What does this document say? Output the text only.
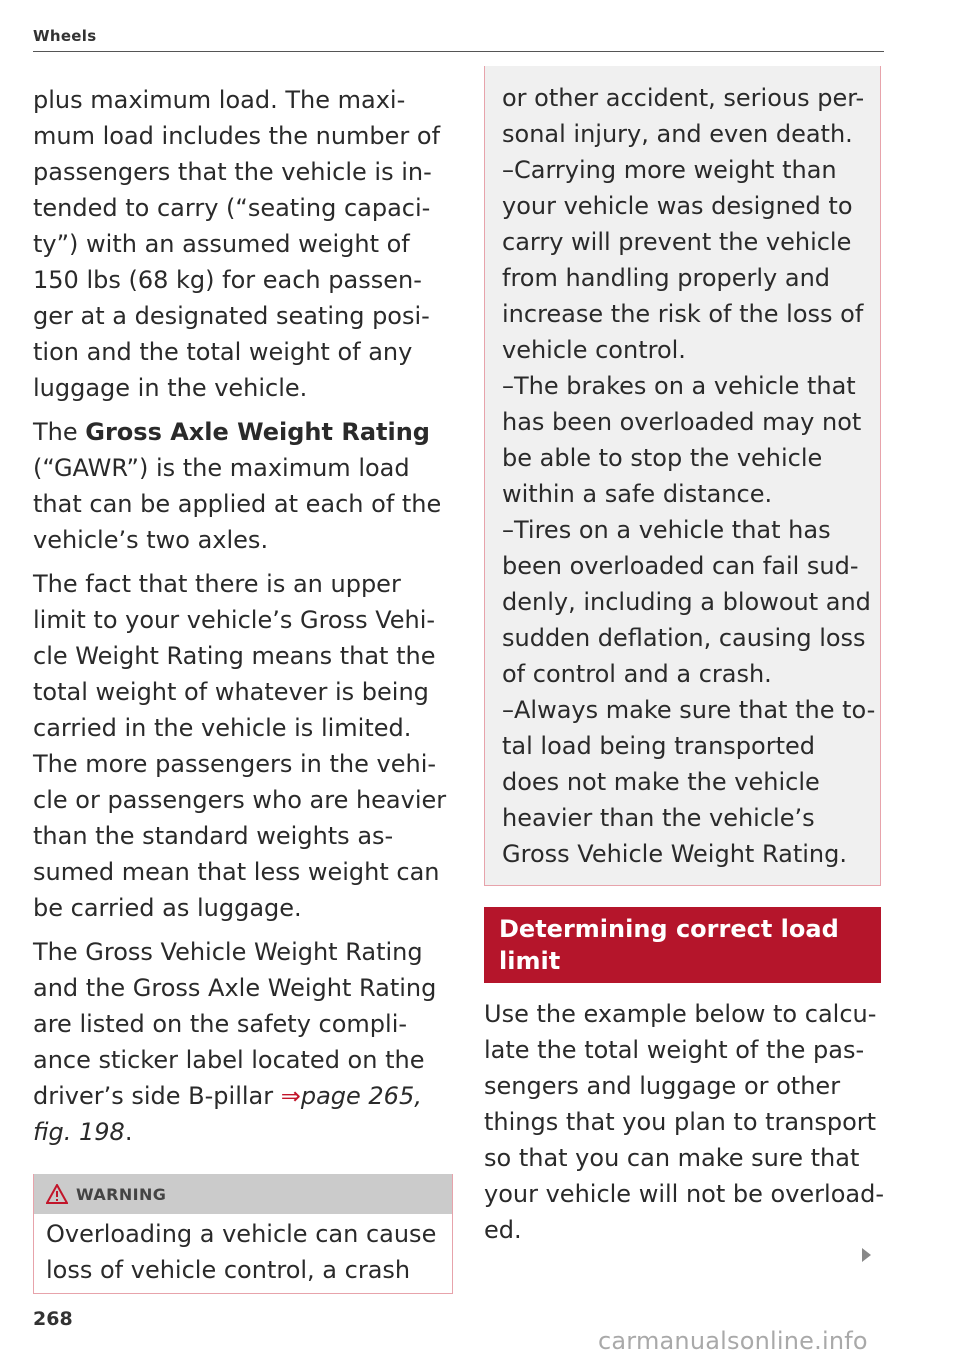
Wheels

plus maximum load. The maxi-
mum load includes the number of
passengers that the vehicle is in-
tended to carry (“seating capaci-
ty”) with an assumed weight of
150 lbs (68 kg) for each passen-
ger at a designated seating posi-
tion and the total weight of any
luggage in the vehicle.

The Gross Axle Weight Rating
(“GAWR”) is the maximum load
that can be applied at each of the
vehicle’s two axles.

The fact that there is an upper
limit to your vehicle’s Gross Vehi-
cle Weight Rating means that the
total weight of whatever is being
carried in the vehicle is limited.
The more passengers in the vehi-
cle or passengers who are heavier
than the standard weights as-
sumed mean that less weight can
be carried as luggage.

The Gross Vehicle Weight Rating
and the Gross Axle Weight Rating
are listed on the safety compli-
ance sticker label located on the
driver’s side B-pillar ⇒page 265,
fig. 198.

WARNING
Overloading a vehicle can cause
loss of vehicle control, a crash
or other accident, serious per-
sonal injury, and even death.
–Carrying more weight than
your vehicle was designed to
carry will prevent the vehicle
from handling properly and
increase the risk of the loss of
vehicle control.
–The brakes on a vehicle that
has been overloaded may not
be able to stop the vehicle
within a safe distance.
–Tires on a vehicle that has
been overloaded can fail sud-
denly, including a blowout and
sudden deflation, causing loss
of control and a crash.
–Always make sure that the to-
tal load being transported
does not make the vehicle
heavier than the vehicle’s
Gross Vehicle Weight Rating.
Determining correct load
limit
Use the example below to calcu-
late the total weight of the pas-
sengers and luggage or other
things that you plan to transport
so that you can make sure that
your vehicle will not be overload-
ed.
268
carmanualsonline.info
